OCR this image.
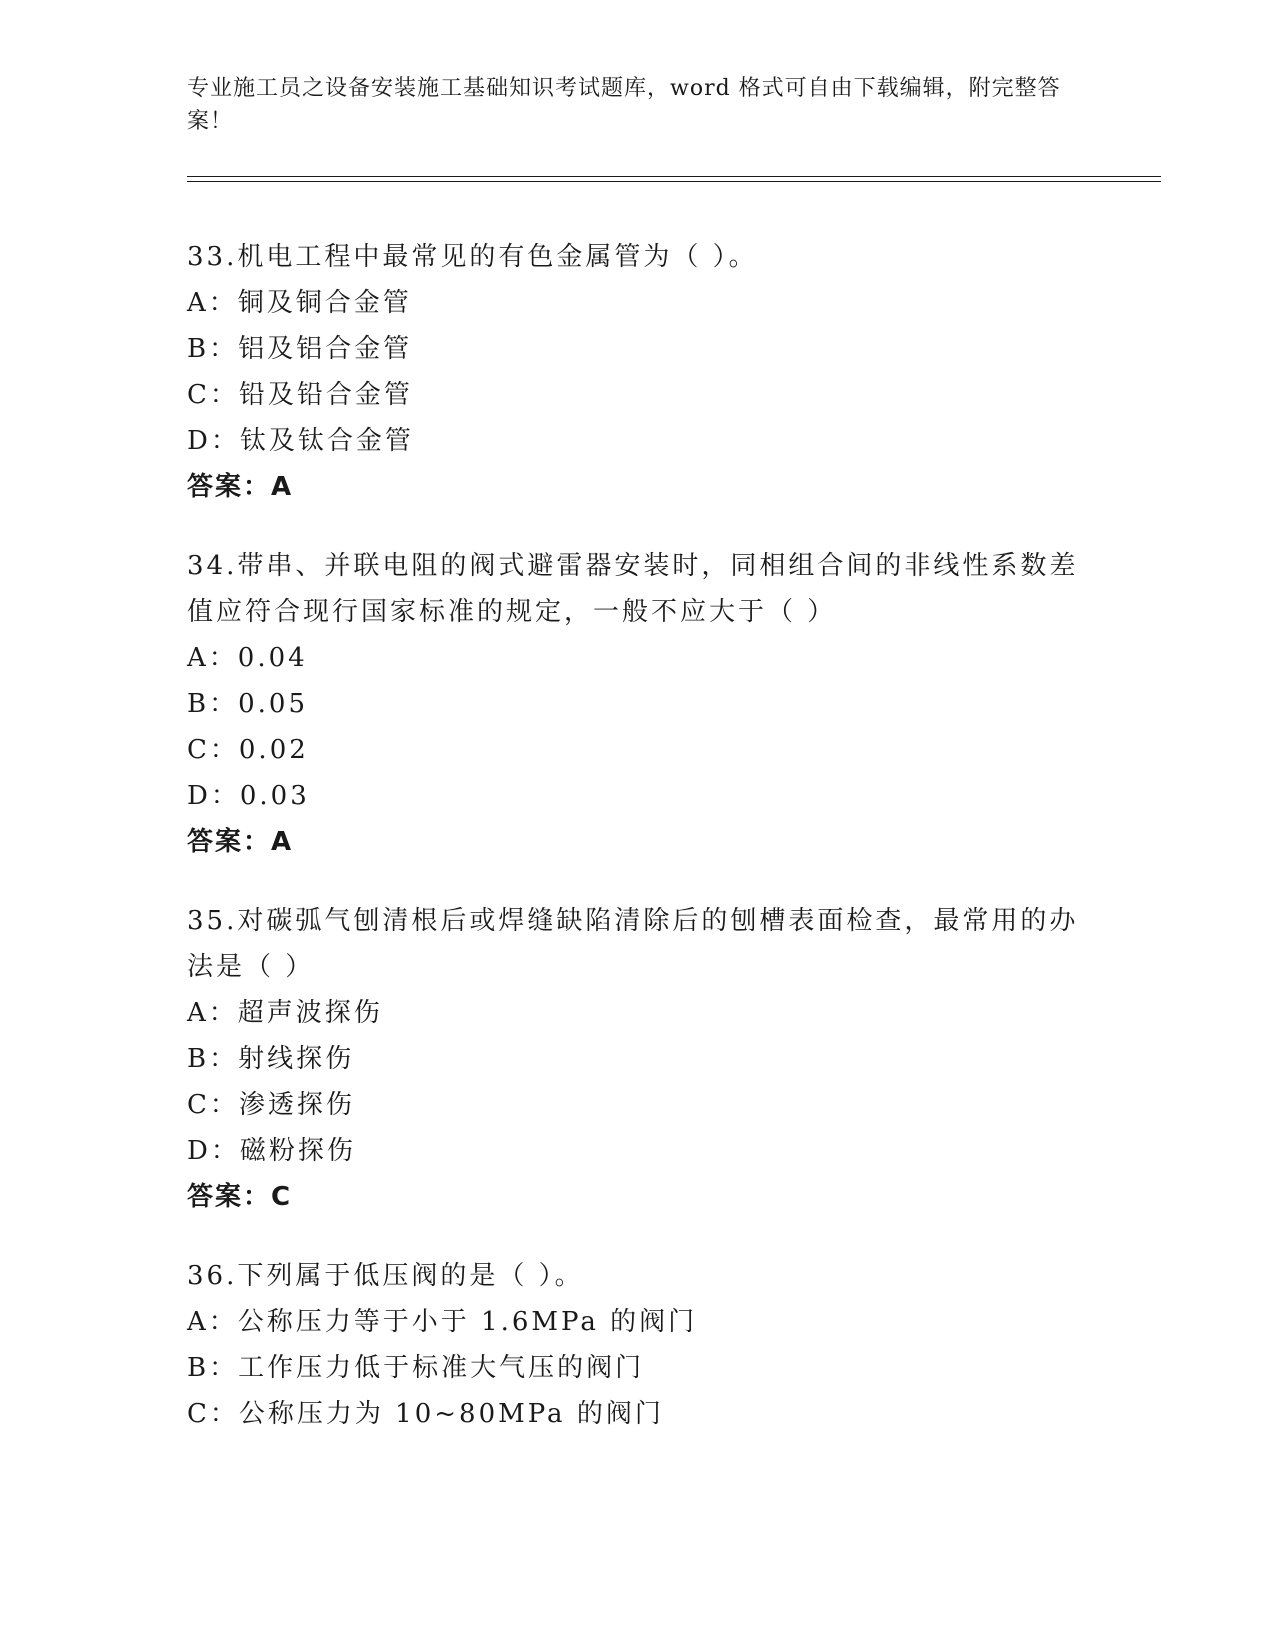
专业施工员之设备安装施工基础知识考试题库，word 格式可自由下载编辑，附完整答案！
33.机电工程中最常见的有色金属管为（ ）。
A：铜及铜合金管
B：铝及铝合金管
C：铅及铅合金管
D：钛及钛合金管
答案：A
34.带串、并联电阻的阀式避雷器安装时，同相组合间的非线性系数差值应符合现行国家标准的规定，一般不应大于（ ）
A：0.04
B：0.05
C：0.02
D：0.03
答案：A
35.对碳弧气刨清根后或焊缝缺陷清除后的刨槽表面检查，最常用的办法是（ ）
A：超声波探伤
B：射线探伤
C：渗透探伤
D：磁粉探伤
答案：C
36.下列属于低压阀的是（ ）。
A：公称压力等于小于 1.6MPa 的阀门
B：工作压力低于标准大气压的阀门
C：公称压力为 10~80MPa 的阀门
